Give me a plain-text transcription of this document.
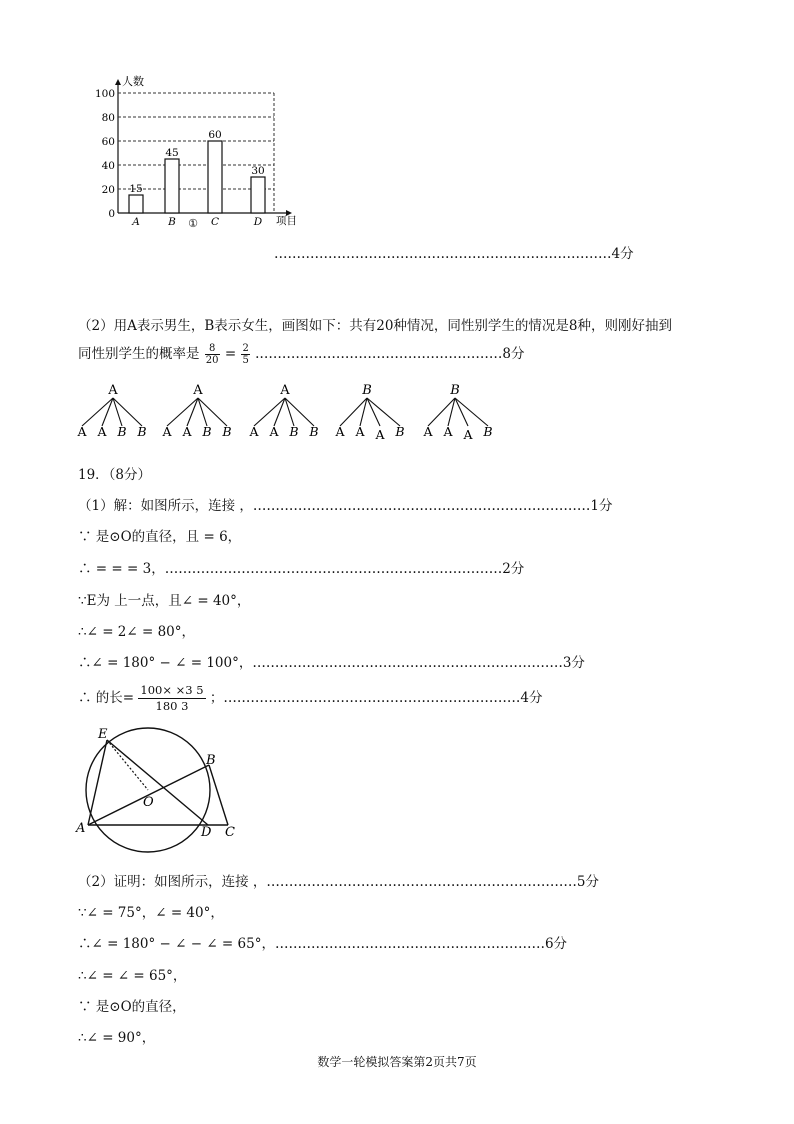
100
80
60
40
20
0
人数
项目
15
A
45
B
60
C
30
D
①
…………………………………………………………………4分
（2）用A表示男生，B表示女生，画图如下：共有20种情况，同性别学生的情况是8种，则刚好抽到
同性别学生的概率是 $\frac{8}{20} = \frac{2}{5}$ .………………………………………………8分
A
A A B B
A
A A B B
A
A A B B
B
A A A B
B
A A A B
19．（8分）
（1）解：如图所示，连接 ，…………………………………………………………………1分
∵ 是⊙O的直径，且 = 6，
∴ = = = 3，…………………………………………………………………2分
∵E为 上一点，且∠ = 40°，
∴∠ = 2∠ = 80°，
∴∠ = 180° − ∠ = 100°，……………………………………………………………3分
∴ 的长= $\frac{100\times \times 3 5}{180 3}$ ；…………………………………………………………4分
E
B
O
A	D C
（2）证明：如图所示，连接 ，……………………………………………………………5分
∵∠ = 75°，∠ = 40°，
∴∠ = 180° − ∠ − ∠ = 65°，……………………………………………………6分
∴∠ = ∠ = 65°，
∵ 是⊙O的直径，
∴∠ = 90°，
数学一轮模拟答案第2页共7页
